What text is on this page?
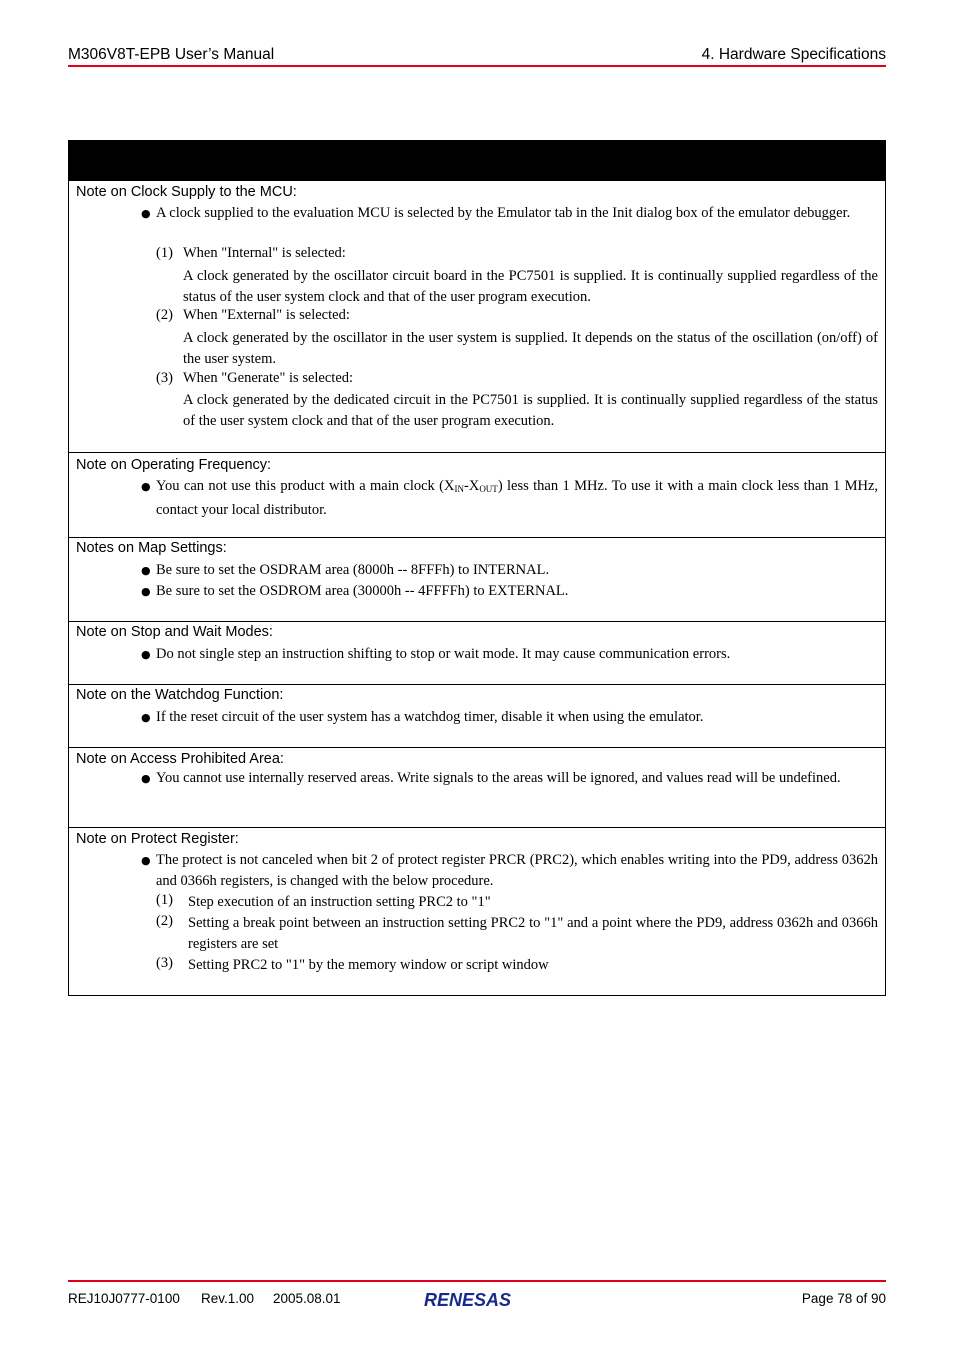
M306V8T-EPB User’s Manual	4. Hardware Specifications
Note on Clock Supply to the MCU:
● A clock supplied to the evaluation MCU is selected by the Emulator tab in the Init dialog box of the emulator debugger.
(1) When "Internal" is selected:
A clock generated by the oscillator circuit board in the PC7501 is supplied. It is continually supplied regardless of the status of the user system clock and that of the user program execution.
(2) When "External" is selected:
A clock generated by the oscillator in the user system is supplied. It depends on the status of the oscillation (on/off) of the user system.
(3) When "Generate" is selected:
A clock generated by the dedicated circuit in the PC7501 is supplied. It is continually supplied regardless of the status of the user system clock and that of the user program execution.
Note on Operating Frequency:
● You can not use this product with a main clock $(X_{IN}-X_{OUT})$ less than 1 MHz. To use it with a main clock less than 1 MHz, contact your local distributor.
Notes on Map Settings:
● Be sure to set the OSDRAM area (8000h -- 8FFFh) to INTERNAL.
● Be sure to set the OSDROM area (30000h -- 4FFFFh) to EXTERNAL.
Note on Stop and Wait Modes:
● Do not single step an instruction shifting to stop or wait mode. It may cause communication errors.
Note on the Watchdog Function:
● If the reset circuit of the user system has a watchdog timer, disable it when using the emulator.
Note on Access Prohibited Area:
● You cannot use internally reserved areas. Write signals to the areas will be ignored, and values read will be undefined.
Note on Protect Register:
● The protect is not canceled when bit 2 of protect register PRCR (PRC2), which enables writing into the PD9, address 0362h and 0366h registers, is changed with the below procedure.
(1) Step execution of an instruction setting PRC2 to "1"
(2) Setting a break point between an instruction setting PRC2 to "1" and a point where the PD9, address 0362h and 0366h registers are set
(3) Setting PRC2 to "1" by the memory window or script window
REJ10J0777-0100 Rev.1.00 2005.08.01	RENESAS	Page 78 of 90
